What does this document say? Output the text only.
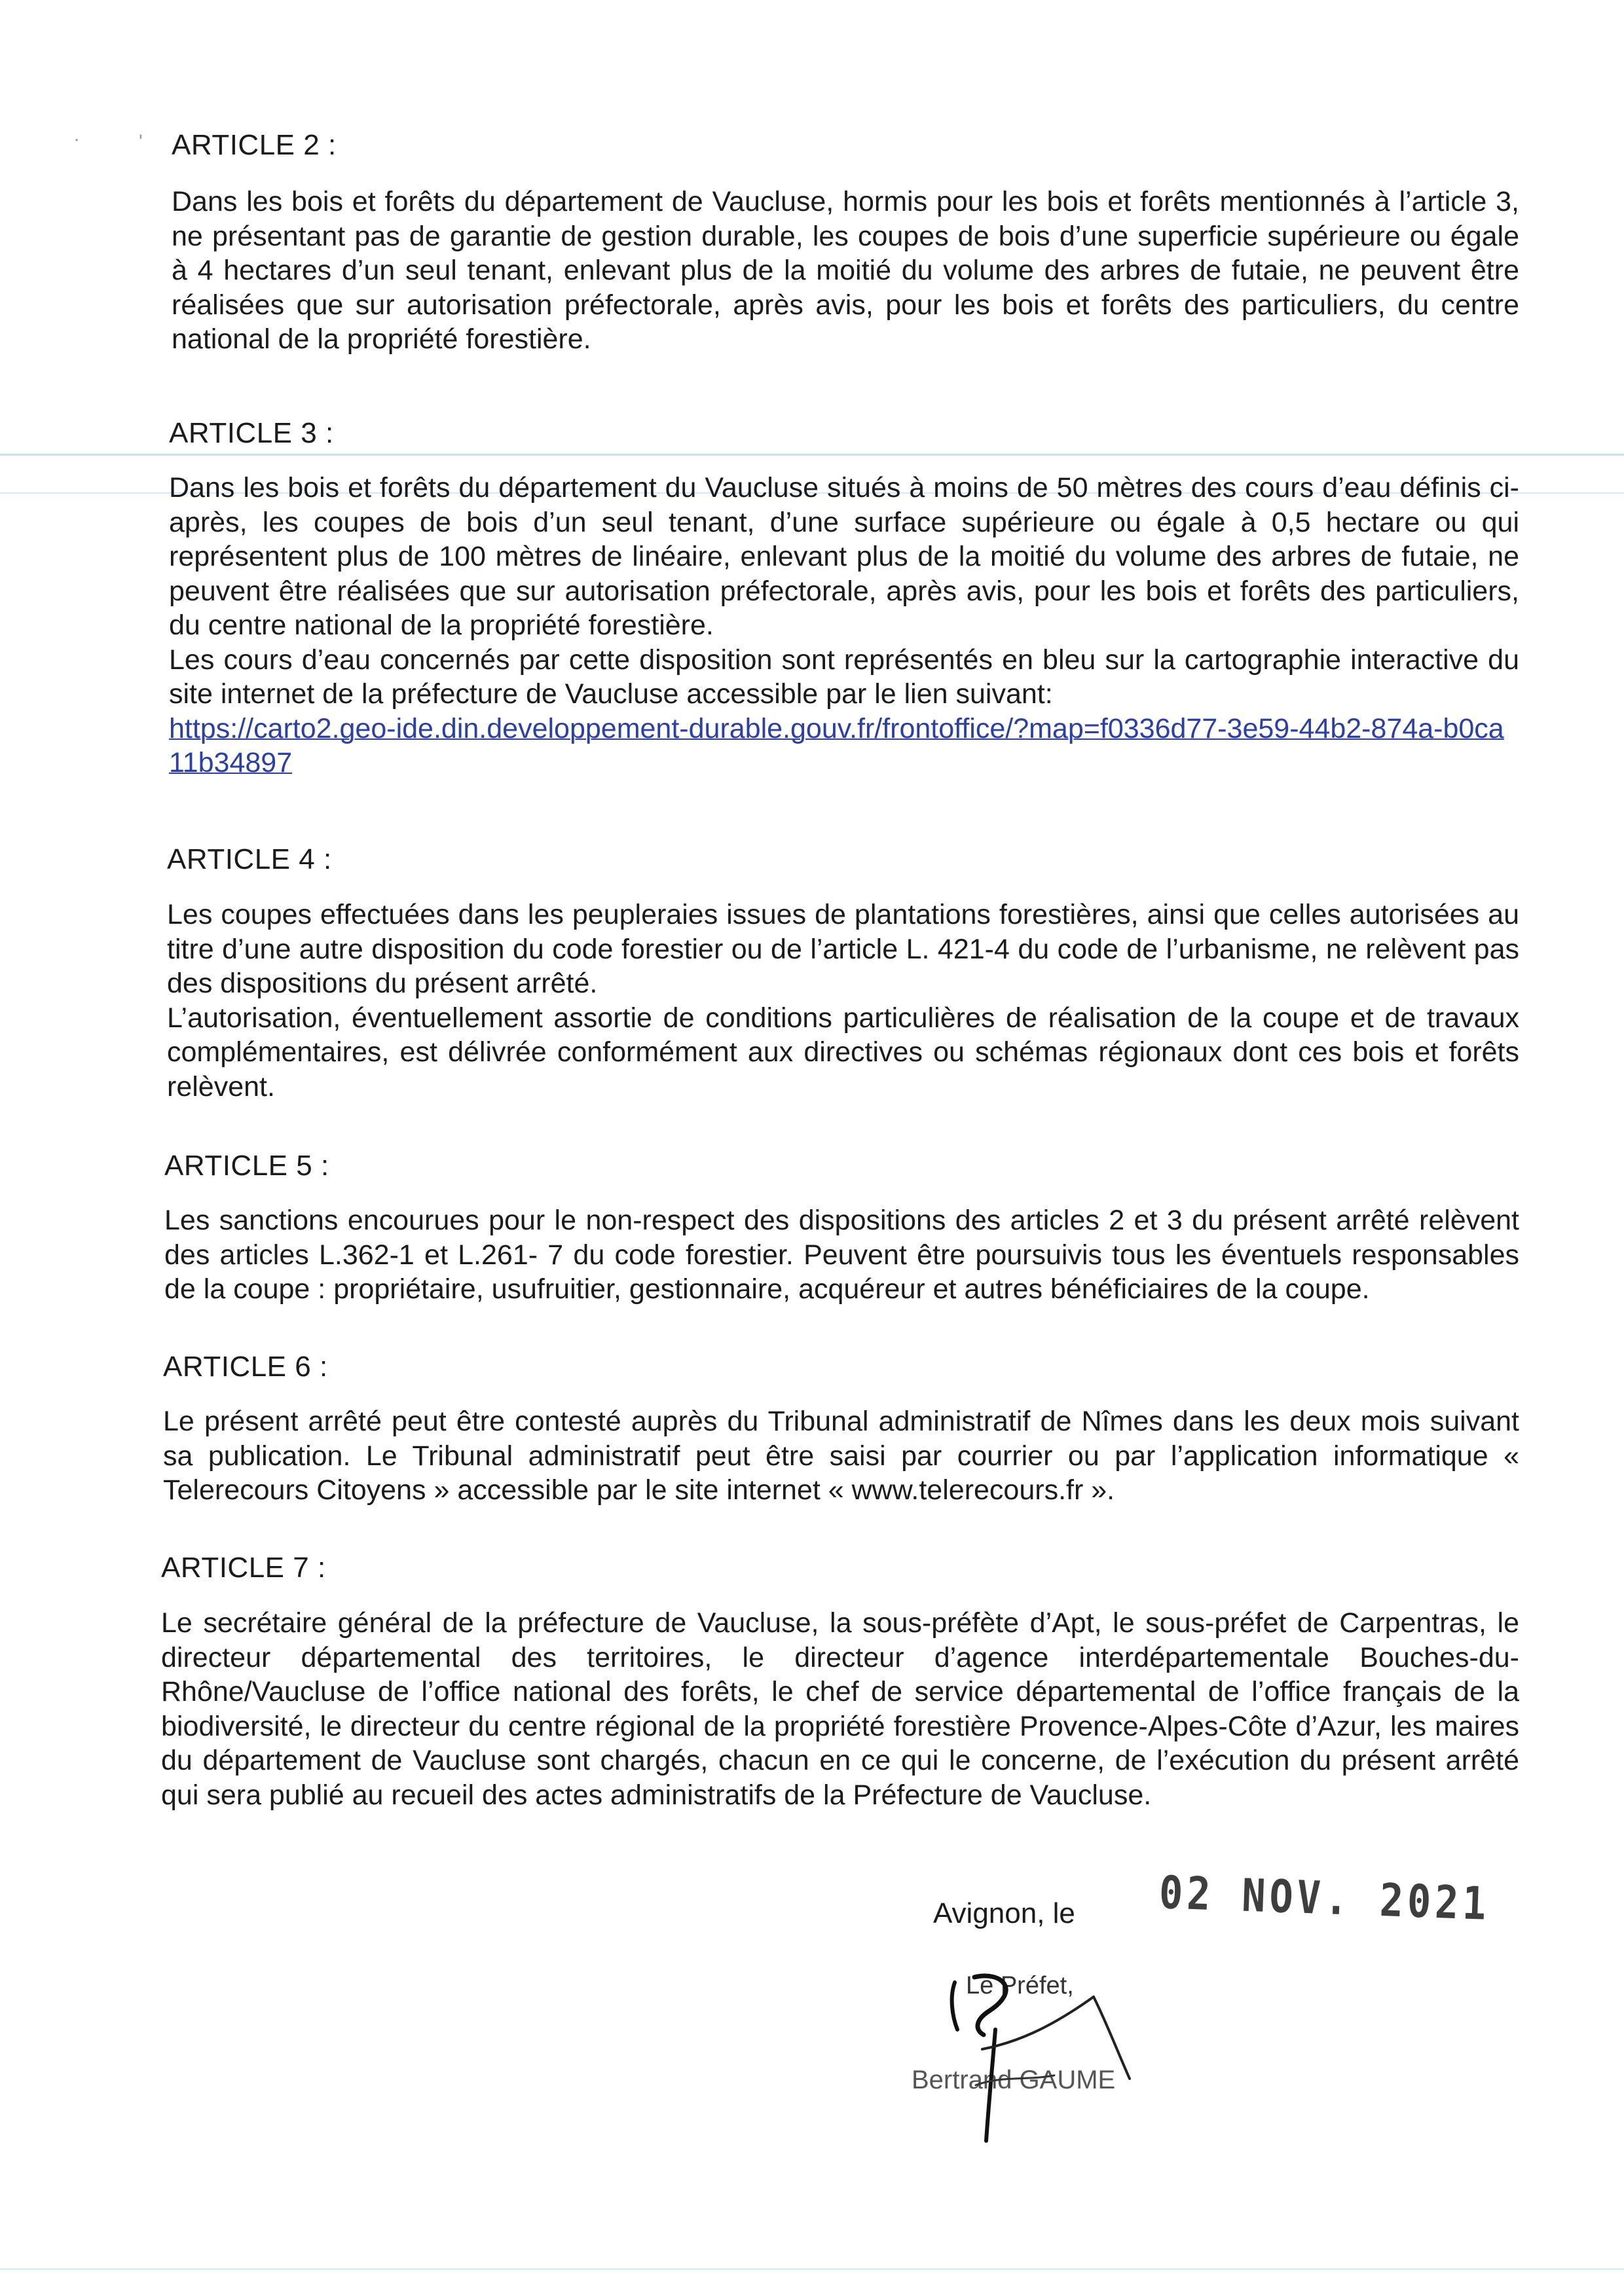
·	' ARTICLE 2 :

Dans les bois et forêts du département de Vaucluse, hormis pour les bois et forêts mentionnés à l’article 3, ne présentant pas de garantie de gestion durable, les coupes de bois d’une superficie supérieure ou égale à 4 hectares d’un seul tenant, enlevant plus de la moitié du volume des arbres de futaie, ne peuvent être réalisées que sur autorisation préfectorale, après avis, pour les bois et forêts des particuliers, du centre national de la propriété forestière.

ARTICLE 3 :

Dans les bois et forêts du département du Vaucluse situés à moins de 50 mètres des cours d’eau définis ci-après, les coupes de bois d’un seul tenant, d’une surface supérieure ou égale à 0,5 hectare ou qui représentent plus de 100 mètres de linéaire, enlevant plus de la moitié du volume des arbres de futaie, ne peuvent être réalisées que sur autorisation préfectorale, après avis, pour les bois et forêts des particuliers, du centre national de la propriété forestière.

Les cours d’eau concernés par cette disposition sont représentés en bleu sur la cartographie interactive du site internet de la préfecture de Vaucluse accessible par le lien suivant:

https://carto2.geo-ide.din.developpement-durable.gouv.fr/frontoffice/?map=f0336d77-3e59-44b2-874a-b0ca11b34897

ARTICLE 4 :

Les coupes effectuées dans les peupleraies issues de plantations forestières, ainsi que celles autorisées au titre d’une autre disposition du code forestier ou de l’article L. 421-4 du code de l’urbanisme, ne relèvent pas des dispositions du présent arrêté.

L’autorisation, éventuellement assortie de conditions particulières de réalisation de la coupe et de travaux complémentaires, est délivrée conformément aux directives ou schémas régionaux dont ces bois et forêts relèvent.

ARTICLE 5 :

Les sanctions encourues pour le non-respect des dispositions des articles 2 et 3 du présent arrêté relèvent des articles L.362-1 et L.261- 7 du code forestier. Peuvent être poursuivis tous les éventuels responsables de la coupe : propriétaire, usufruitier, gestionnaire, acquéreur et autres bénéficiaires de la coupe.

ARTICLE 6 :

Le présent arrêté peut être contesté auprès du Tribunal administratif de Nîmes dans les deux mois suivant sa publication. Le Tribunal administratif peut être saisi par courrier ou par l’application informatique « Telerecours Citoyens » accessible par le site internet « www.telerecours.fr ».

ARTICLE 7 :

Le secrétaire général de la préfecture de Vaucluse, la sous-préfète d’Apt, le sous-préfet de Carpentras, le directeur départemental des territoires, le directeur d’agence interdépartementale Bouches-du-Rhône/Vaucluse de l’office national des forêts, le chef de service départemental de l’office français de la biodiversité, le directeur du centre régional de la propriété forestière Provence-Alpes-Côte d’Azur, les maires du département de Vaucluse sont chargés, chacun en ce qui le concerne, de l’exécution du présent arrêté qui sera publié au recueil des actes administratifs de la Préfecture de Vaucluse.

Avignon, le 02 NOV. 2021
Le Préfet,
Bertrand GAUME
